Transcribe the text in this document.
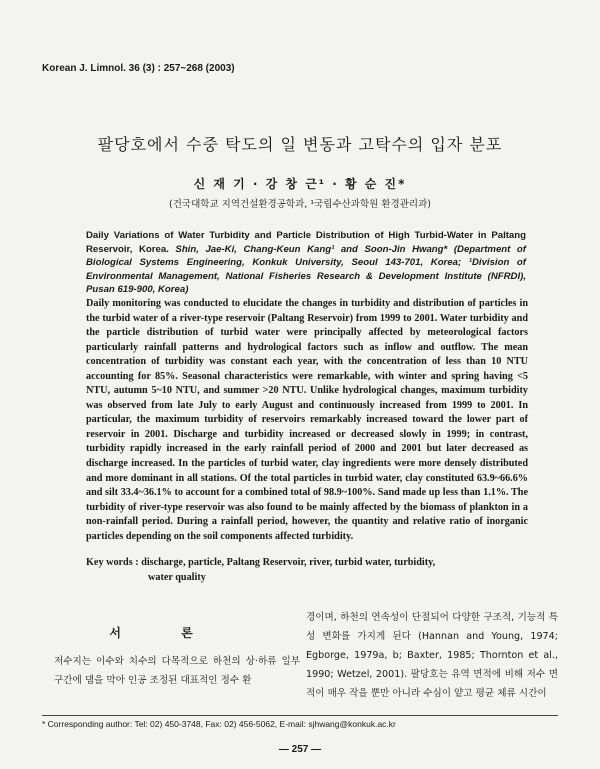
Korean J. Limnol. 36 (3) : 257~268 (2003)
팔당호에서 수중 탁도의 일 변동과 고탁수의 입자 분포
신 재 기 · 강 창 근¹ · 황 순 진*
(건국대학교 지역건설환경공학과, ¹국립수산과학원 환경관리과)
Daily Variations of Water Turbidity and Particle Distribution of High Turbid-Water in Paltang Reservoir, Korea. Shin, Jae-Ki, Chang-Keun Kang¹ and Soon-Jin Hwang* (Department of Biological Systems Engineering, Konkuk University, Seoul 143-701, Korea; ¹Division of Environmental Management, National Fisheries Research & Development Institute (NFRDI), Pusan 619-900, Korea)
Daily monitoring was conducted to elucidate the changes in turbidity and distribution of particles in the turbid water of a river-type reservoir (Paltang Reservoir) from 1999 to 2001. Water turbidity and the particle distribution of turbid water were principally affected by meteorological factors particularly rainfall patterns and hydrological factors such as inflow and outflow. The mean concentration of turbidity was constant each year, with the concentration of less than 10 NTU accounting for 85%. Seasonal characteristics were remarkable, with winter and spring having <5 NTU, autumn 5~10 NTU, and summer >20 NTU. Unlike hydrological changes, maximum turbidity was observed from late July to early August and continuously increased from 1999 to 2001. In particular, the maximum turbidity of reservoirs remarkably increased toward the lower part of reservoir in 2001. Discharge and turbidity increased or decreased slowly in 1999; in contrast, turbidity rapidly increased in the early rainfall period of 2000 and 2001 but later decreased as discharge increased. In the particles of turbid water, clay ingredients were more densely distributed and more dominant in all stations. Of the total particles in turbid water, clay constituted 63.9~66.6% and silt 33.4~36.1% to account for a combined total of 98.9~100%. Sand made up less than 1.1%. The turbidity of river-type reservoir was also found to be mainly affected by the biomass of plankton in a non-rainfall period. During a rainfall period, however, the quantity and relative ratio of inorganic particles depending on the soil components affected turbidity.
Key words : discharge, particle, Paltang Reservoir, river, turbid water, turbidity,
water quality
서 론
저수지는 이수와 치수의 다목적으로 하천의 상·하류 일부 구간에 댐을 막아 인공 조정된 대표적인 정수 환
경이며, 하천의 연속성이 단절되어 다양한 구조적, 기능적 특성 변화를 가지게 된다 (Hannan and Young, 1974; Egborge, 1979a, b; Baxter, 1985; Thornton et al., 1990; Wetzel, 2001). 팔당호는 유역 면적에 비해 저수 면적이 매우 작을 뿐만 아니라 수심이 얕고 평균 체류 시간이
* Corresponding author: Tel: 02) 450-3748, Fax: 02) 456-5062, E-mail: sjhwang@konkuk.ac.kr
— 257 —
